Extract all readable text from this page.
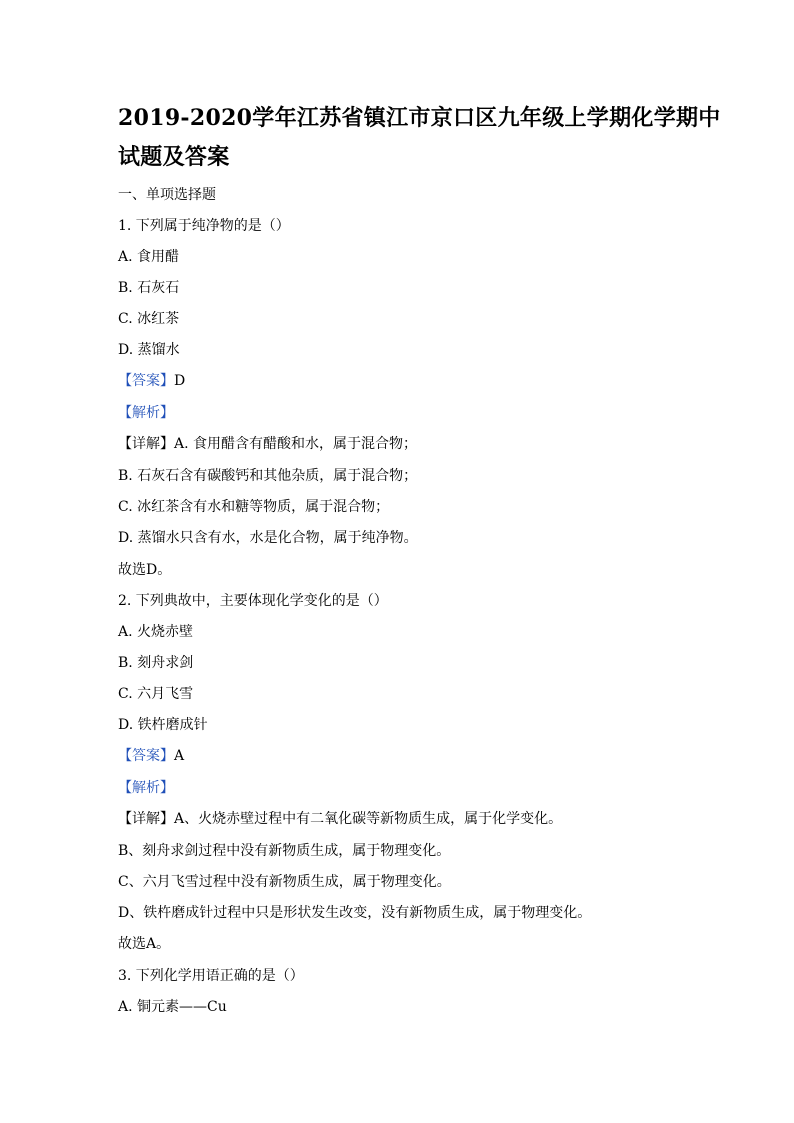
2019-2020学年江苏省镇江市京口区九年级上学期化学期中
试题及答案
一、单项选择题
1. 下列属于纯净物的是（）
A. 食用醋
B. 石灰石
C. 冰红茶
D. 蒸馏水
【答案】D
【解析】
【详解】A. 食用醋含有醋酸和水，属于混合物；
B. 石灰石含有碳酸钙和其他杂质，属于混合物；
C. 冰红茶含有水和糖等物质，属于混合物；
D. 蒸馏水只含有水，水是化合物，属于纯净物。
故选D。
2. 下列典故中，主要体现化学变化的是（）
A. 火烧赤壁
B. 刻舟求剑
C. 六月飞雪
D. 铁杵磨成针
【答案】A
【解析】
【详解】A、火烧赤壁过程中有二氧化碳等新物质生成，属于化学变化。
B、刻舟求剑过程中没有新物质生成，属于物理变化。
C、六月飞雪过程中没有新物质生成，属于物理变化。
D、铁杵磨成针过程中只是形状发生改变，没有新物质生成，属于物理变化。
故选A。
3. 下列化学用语正确的是（）
A. 铜元素——Cu
